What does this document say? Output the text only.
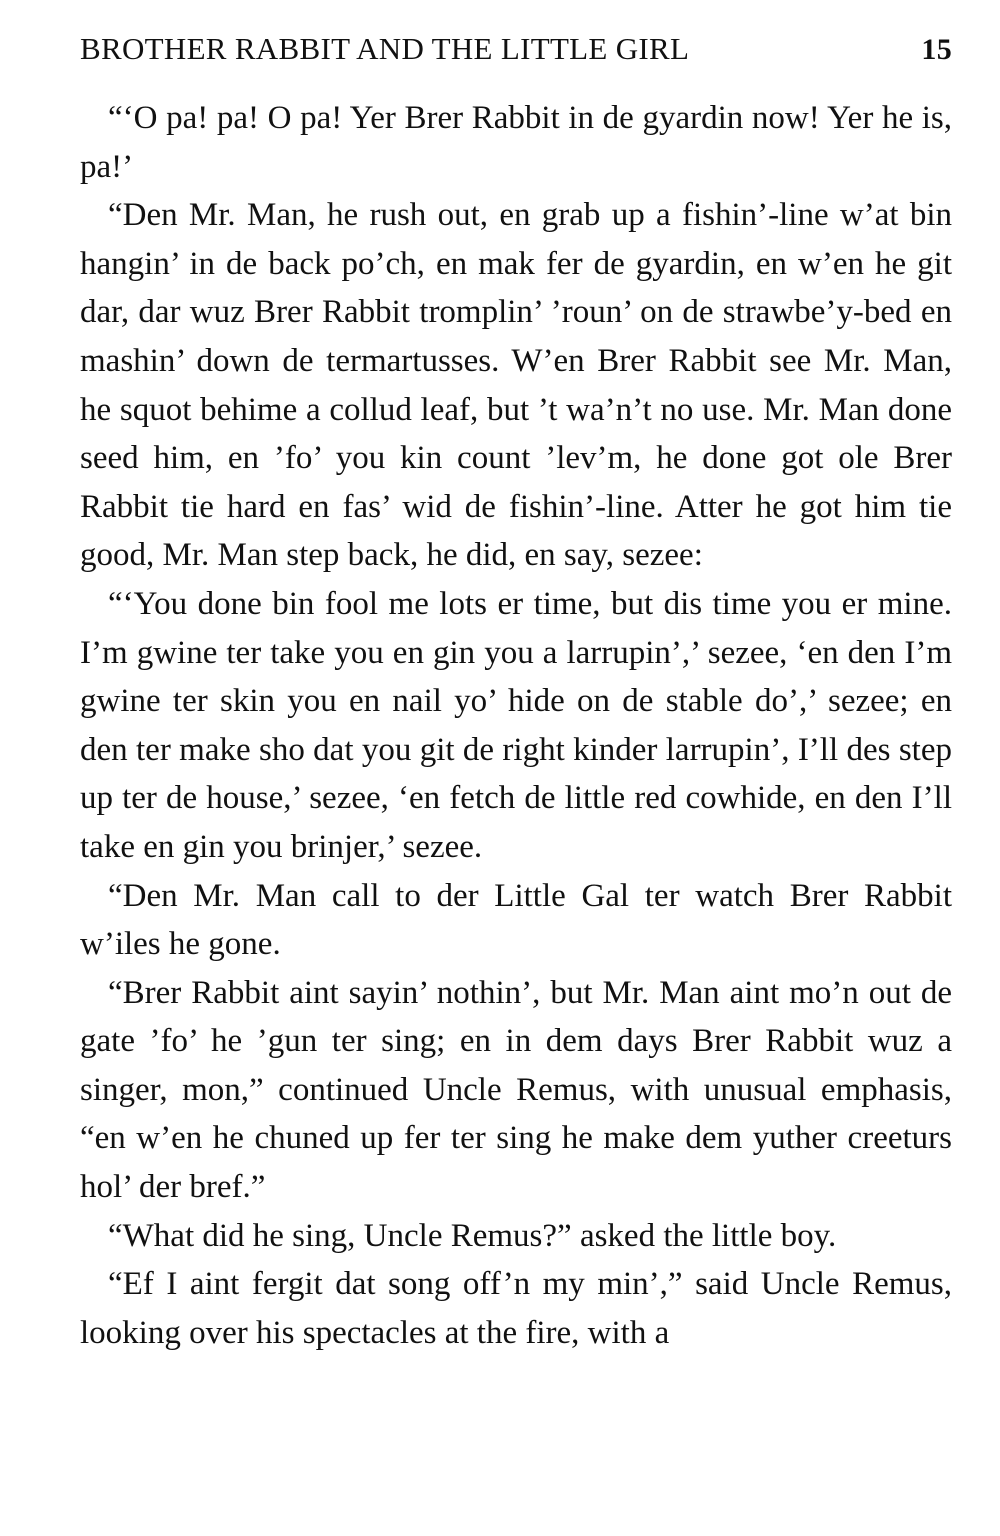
BROTHER RABBIT AND THE LITTLE GIRL	15

“‘O pa! pa! O pa! Yer Brer Rabbit in de gyardin now! Yer he is, pa!’

“Den Mr. Man, he rush out, en grab up a fishin’-line w’at bin hangin’ in de back po’ch, en mak fer de gyardin, en w’en he git dar, dar wuz Brer Rabbit tromplin’ ’roun’ on de strawbe’y-bed en mashin’ down de termartusses. W’en Brer Rabbit see Mr. Man, he squot behime a collud leaf, but ’t wa’n’t no use. Mr. Man done seed him, en ’fo’ you kin count ’lev’m, he done got ole Brer Rabbit tie hard en fas’ wid de fishin’-line. Atter he got him tie good, Mr. Man step back, he did, en say, sezee:

“‘You done bin fool me lots er time, but dis time you er mine. I’m gwine ter take you en gin you a larrupin’,’ sezee, ‘en den I’m gwine ter skin you en nail yo’ hide on de stable do’,’ sezee; en den ter make sho dat you git de right kinder larrupin’, I’ll des step up ter de house,’ sezee, ‘en fetch de little red cowhide, en den I’ll take en gin you brinjer,’ sezee.

“Den Mr. Man call to der Little Gal ter watch Brer Rabbit w’iles he gone.

“Brer Rabbit aint sayin’ nothin’, but Mr. Man aint mo’n out de gate ’fo’ he ’gun ter sing; en in dem days Brer Rabbit wuz a singer, mon,” continued Uncle Remus, with unusual emphasis, “en w’en he chuned up fer ter sing he make dem yuther creeturs hol’ der bref.”

“What did he sing, Uncle Remus?” asked the little boy.

“Ef I aint fergit dat song off’n my min’,” said Uncle Remus, looking over his spectacles at the fire, with a
